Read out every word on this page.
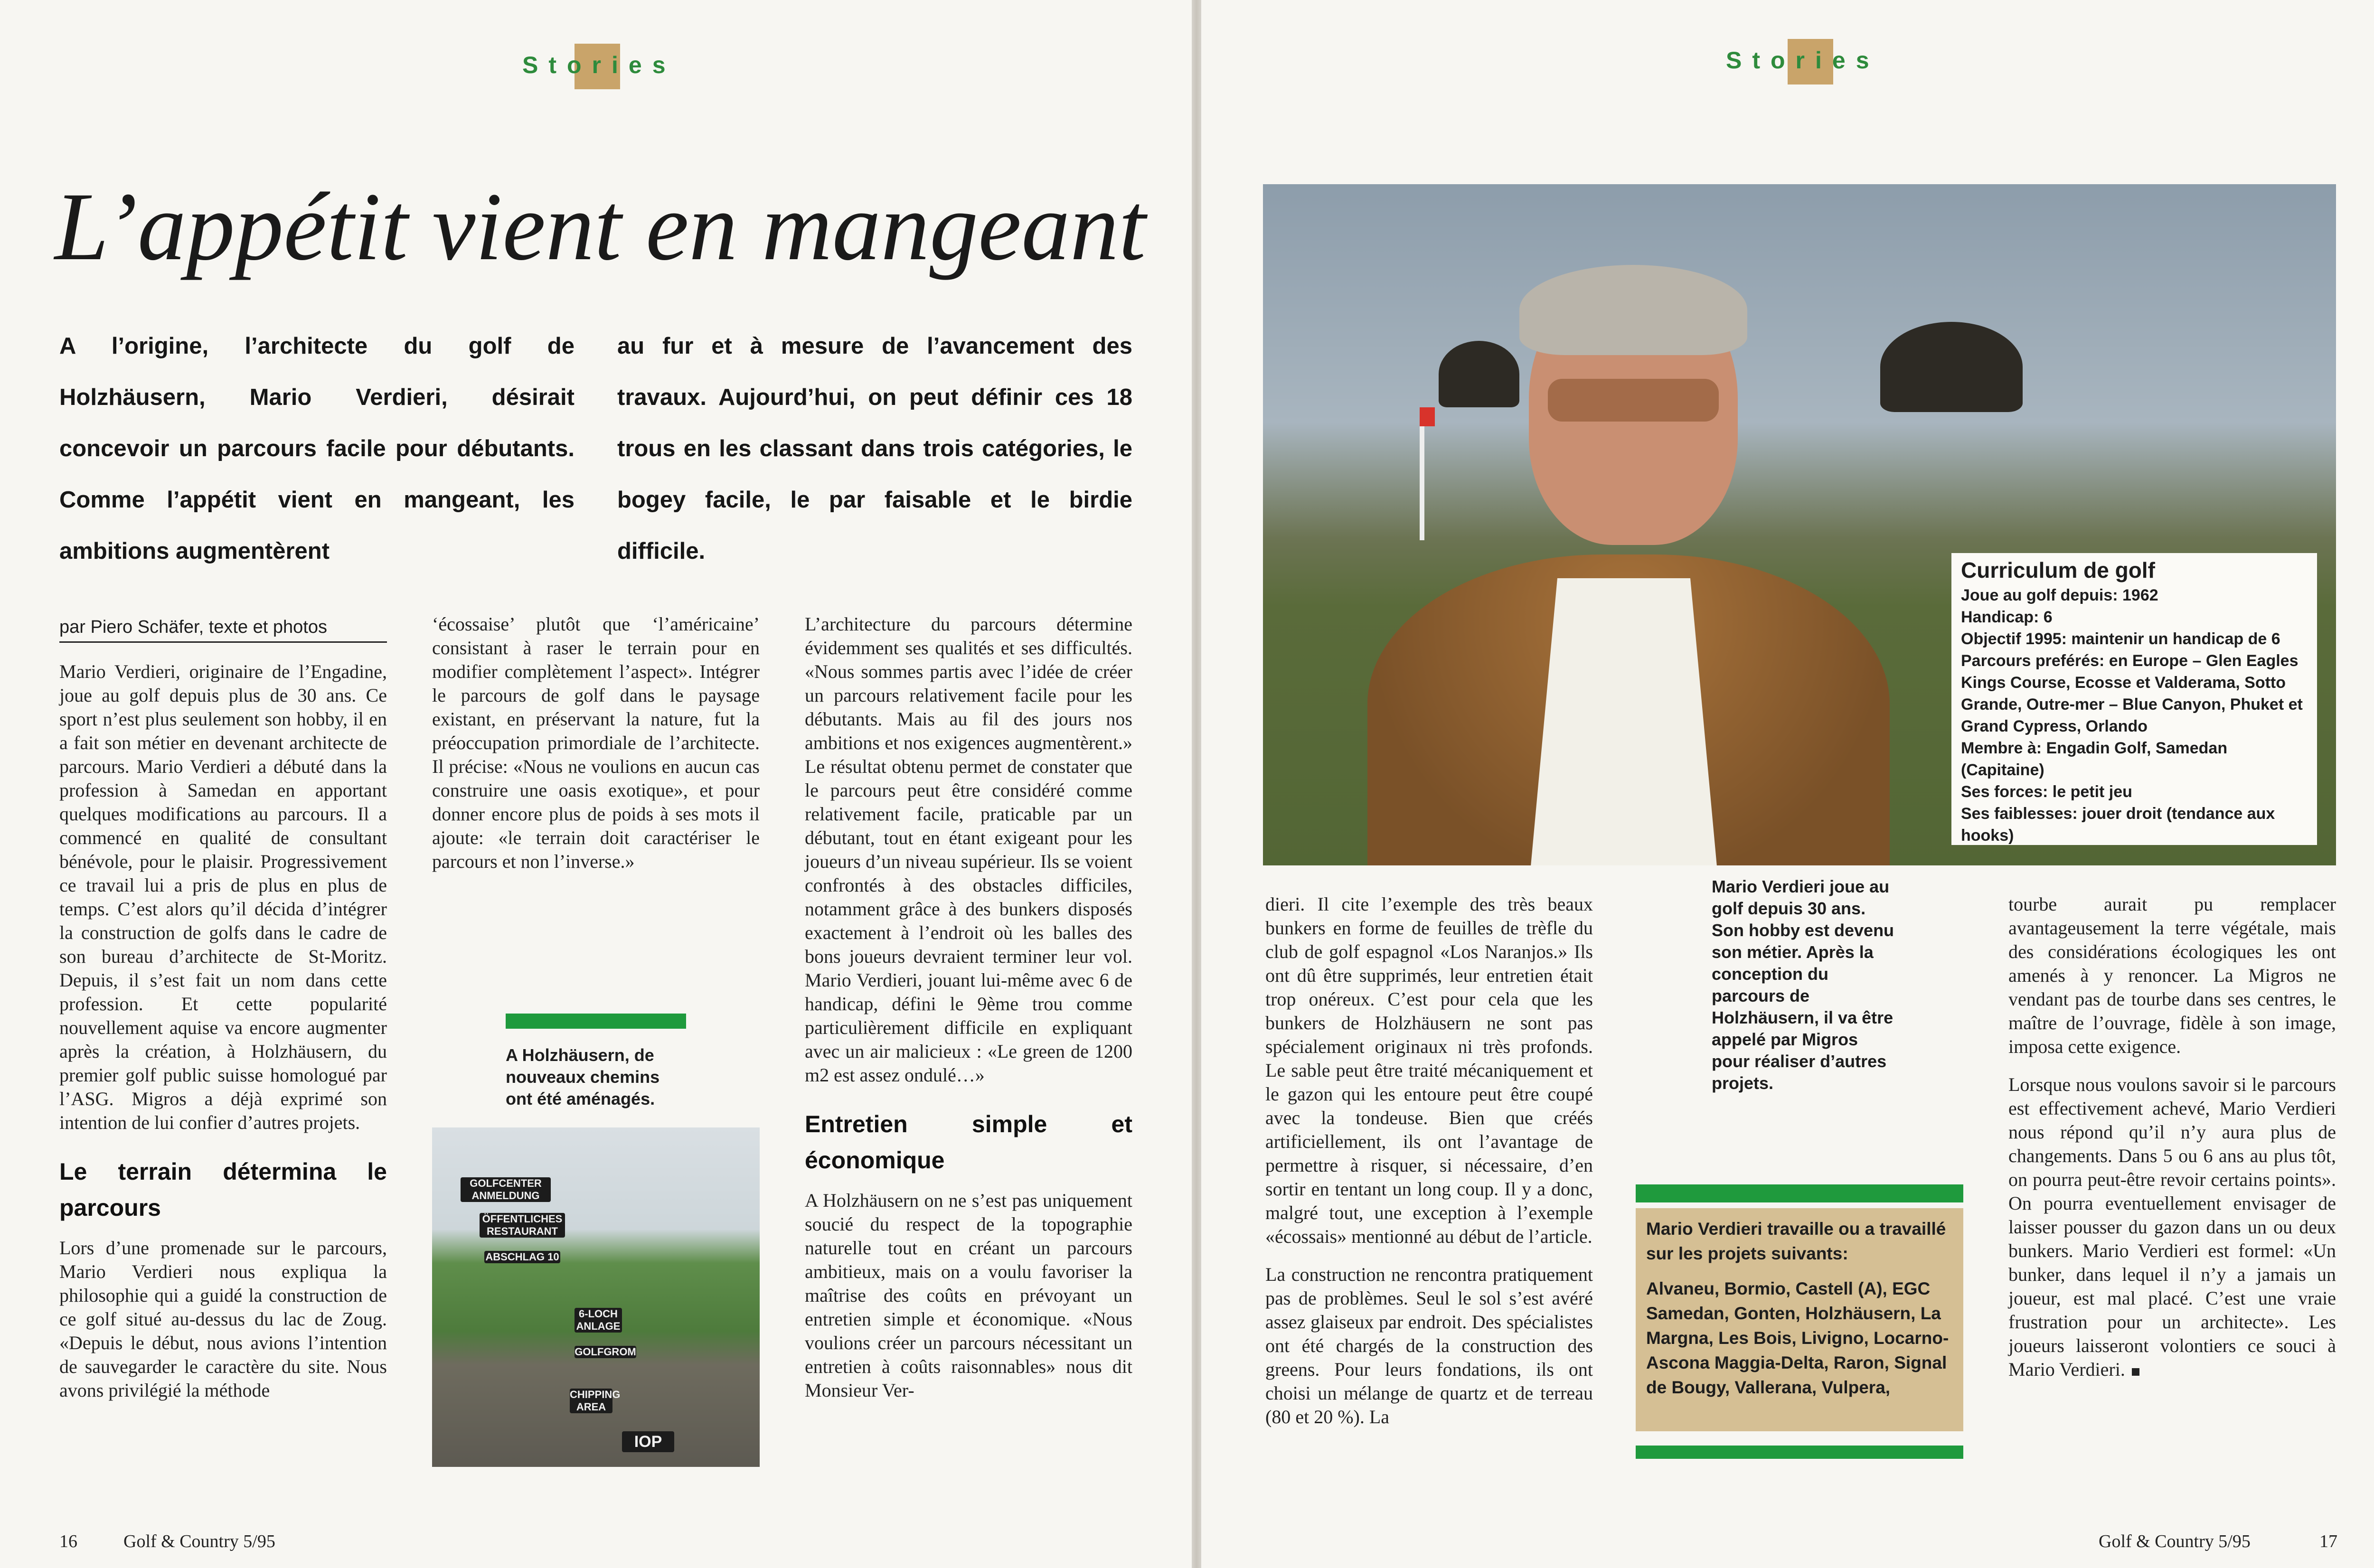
Stories
L’appétit vient en mangeant
A l’origine, l’architecte du golf de Holzhäusern, Mario Verdieri, désirait concevoir un parcours facile pour débutants. Comme l’appétit vient en mangeant, les ambitions augmentèrent
au fur et à mesure de l’avancement des travaux. Aujourd’hui, on peut définir ces 18 trous en les classant dans trois catégories, le bogey facile, le par faisable et le birdie difficile.
par Piero Schäfer, texte et photos

Mario Verdieri, originaire de l’Engadine, joue au golf depuis plus de 30 ans. Ce sport n’est plus seulement son hobby, il en a fait son métier en devenant architecte de parcours. Mario Verdieri a débuté dans la profession à Samedan en apportant quelques modifications au parcours. Il a commencé en qualité de consultant bénévole, pour le plaisir. Progressivement ce travail lui a pris de plus en plus de temps. C’est alors qu’il décida d’intégrer la construction de golfs dans le cadre de son bureau d’architecte de St-Moritz. Depuis, il s’est fait un nom dans cette profession. Et cette popularité nouvellement aquise va encore augmenter après la création, à Holzhäusern, du premier golf public suisse homologué par l’ASG. Migros a déjà exprimé son intention de lui confier d’autres projets.

Le terrain détermina le parcours

Lors d’une promenade sur le parcours, Mario Verdieri nous expliqua la philosophie qui a guidé la construction de ce golf situé au-dessus du lac de Zoug. «Depuis le début, nous avions l’intention de sauvegarder le caractère du site. Nous avons privilégié la méthode

‘écossaise’ plutôt que ‘l’américaine’ consistant à raser le terrain pour en modifier complètement l’aspect». Intégrer le parcours de golf dans le paysage existant, en préservant la nature, fut la préoccupation primordiale de l’architecte. Il précise: «Nous ne voulions en aucun cas construire une oasis exotique», et pour donner encore plus de poids à ses mots il ajoute: «le terrain doit caractériser le parcours et non l’inverse.»

A Holzhäusern, de nouveaux chemins ont été aménagés.
GOLFCENTER ANMELDUNG
ÖFFENTLICHES RESTAURANT
ABSCHLAG 10
6-LOCH ANLAGE
GOLFGROM
CHIPPING AREA
IOP

L’architecture du parcours détermine évidemment ses qualités et ses difficultés. «Nous sommes partis avec l’idée de créer un parcours relativement facile pour les débutants. Mais au fil des jours nos ambitions et nos exigences augmentèrent.» Le résultat obtenu permet de constater que le parcours peut être considéré comme relativement facile, praticable par un débutant, tout en étant exigeant pour les joueurs d’un niveau supérieur. Ils se voient confrontés à des obstacles difficiles, notamment grâce à des bunkers disposés exactement à l’endroit où les balles des bons joueurs devraient terminer leur vol. Mario Verdieri, jouant lui-même avec 6 de handicap, défini le 9ème trou comme particulièrement difficile en expliquant avec un air malicieux : «Le green de 1200 m2 est assez ondulé…»

Entretien simple et économique

A Holzhäusern on ne s’est pas uniquement soucié du respect de la topographie naturelle tout en créant un parcours ambitieux, mais on a voulu favoriser la maîtrise des coûts en prévoyant un entretien simple et économique. «Nous voulions créer un parcours nécessitant un entretien à coûts raisonnables» nous dit Monsieur Ver-

16	Golf & Country 5/95
Stories
Curriculum de golf
Joue au golf depuis: 1962
Handicap: 6
Objectif 1995: maintenir un handicap de 6
Parcours preférés: en Europe – Glen Eagles Kings Course, Ecosse et Valderama, Sotto Grande, Outre-mer – Blue Canyon, Phuket et Grand Cypress, Orlando
Membre à: Engadin Golf, Samedan (Capitaine)
Ses forces: le petit jeu
Ses faiblesses: jouer droit (tendance aux hooks)

dieri. Il cite l’exemple des très beaux bunkers en forme de feuilles de trèfle du club de golf espagnol «Los Naranjos.» Ils ont dû être supprimés, leur entretien était trop onéreux. C’est pour cela que les bunkers de Holzhäusern ne sont pas spécialement originaux ni très profonds. Le sable peut être traité mécaniquement et le gazon qui les entoure peut être coupé avec la tondeuse. Bien que créés artificiellement, ils ont l’avantage de permettre à risquer, si nécessaire, d’en sortir en tentant un long coup. Il y a donc, malgré tout, une exception à l’exemple «écossais» mentionné au début de l’article.

La construction ne rencontra pratiquement pas de problèmes. Seul le sol s’est avéré assez glaiseux par endroit. Des spécialistes ont été chargés de la construction des greens. Pour leurs fondations, ils ont choisi un mélange de quartz et de terreau (80 et 20 %). La

Mario Verdieri joue au golf depuis 30 ans. Son hobby est devenu son métier. Après la conception du parcours de Holzhäusern, il va être appelé par Migros pour réaliser d’autres projets.
Mario Verdieri travaille ou a travaillé sur les projets suivants:
Alvaneu, Bormio, Castell (A), EGC Samedan, Gonten, Holzhäusern, La Margna, Les Bois, Livigno, Locarno-Ascona Maggia-Delta, Raron, Signal de Bougy, Vallerana, Vulpera,

tourbe aurait pu remplacer avantageusement la terre végétale, mais des considérations écologiques les ont amenés à y renoncer. La Migros ne vendant pas de tourbe dans ses centres, le maître de l’ouvrage, fidèle à son image, imposa cette exigence.

Lorsque nous voulons savoir si le parcours est effectivement achevé, Mario Verdieri nous répond qu’il n’y aura plus de changements. Dans 5 ou 6 ans au plus tôt, on pourra peut-être revoir certains points». On pourra eventuellement envisager de laisser pousser du gazon dans un ou deux bunkers. Mario Verdieri est formel: «Un bunker, dans lequel il n’y a jamais un joueur, est mal placé. C’est une vraie frustration pour un architecte». Les joueurs laisseront volontiers ce souci à Mario Verdieri.

Golf & Country 5/95	17
